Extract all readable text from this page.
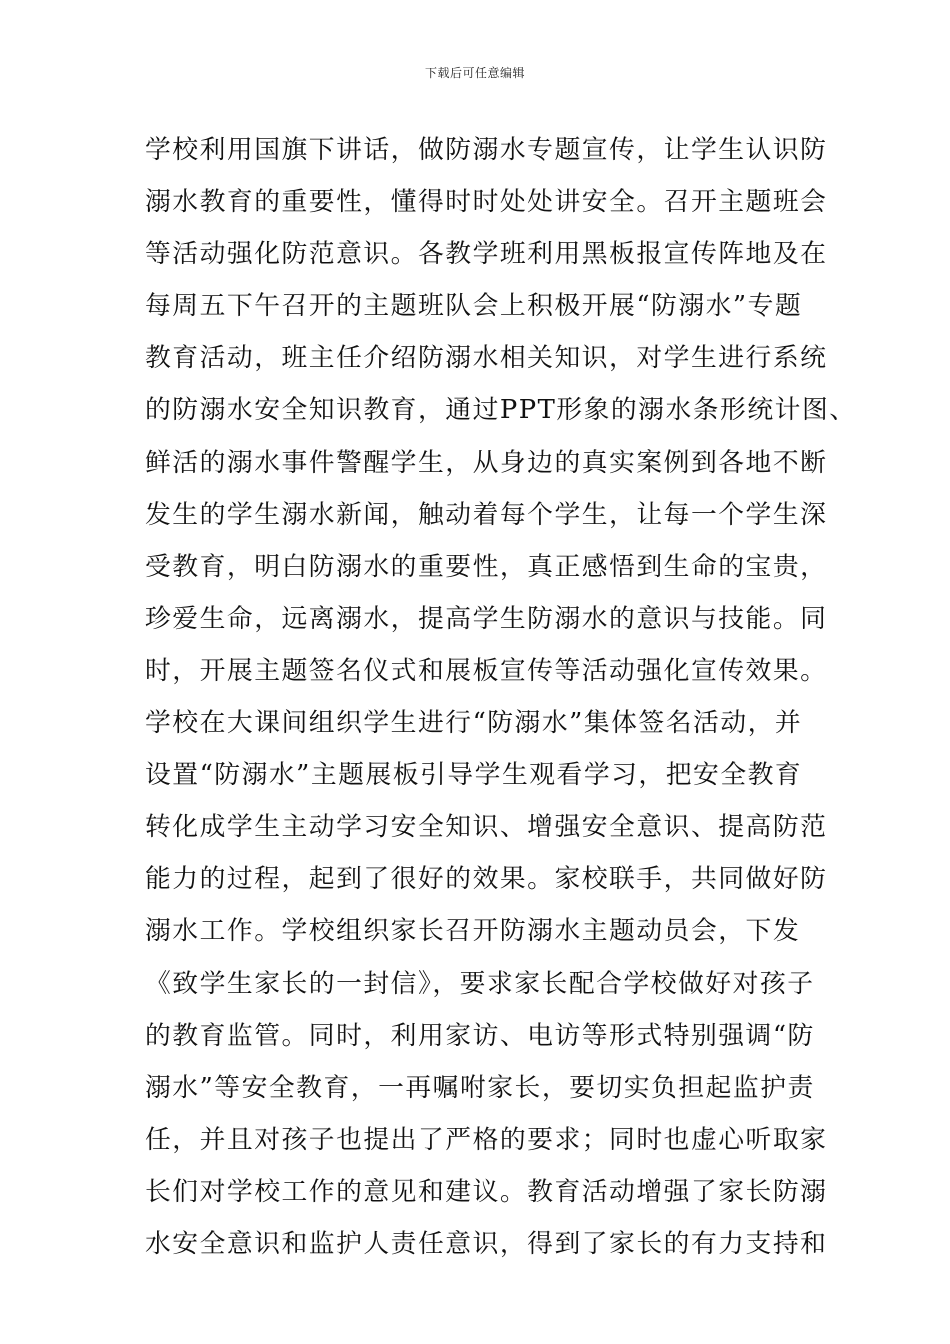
下载后可任意编辑
学校利用国旗下讲话，做防溺水专题宣传，让学生认识防
溺水教育的重要性，懂得时时处处讲安全。召开主题班会
等活动强化防范意识。各教学班利用黑板报宣传阵地及在
每周五下午召开的主题班队会上积极开展“防溺水”专题
教育活动，班主任介绍防溺水相关知识，对学生进行系统
的防溺水安全知识教育，通过PPT形象的溺水条形统计图、
鲜活的溺水事件警醒学生，从身边的真实案例到各地不断
发生的学生溺水新闻，触动着每个学生，让每一个学生深
受教育，明白防溺水的重要性，真正感悟到生命的宝贵，
珍爱生命，远离溺水，提高学生防溺水的意识与技能。同
时，开展主题签名仪式和展板宣传等活动强化宣传效果。
学校在大课间组织学生进行“防溺水”集体签名活动，并
设置“防溺水”主题展板引导学生观看学习，把安全教育
转化成学生主动学习安全知识、增强安全意识、提高防范
能力的过程，起到了很好的效果。家校联手，共同做好防
溺水工作。学校组织家长召开防溺水主题动员会，下发
《致学生家长的一封信》，要求家长配合学校做好对孩子
的教育监管。同时，利用家访、电访等形式特别强调“防
溺水”等安全教育，一再嘱咐家长，要切实负担起监护责
任，并且对孩子也提出了严格的要求；同时也虚心听取家
长们对学校工作的意见和建议。教育活动增强了家长防溺
水安全意识和监护人责任意识，得到了家长的有力支持和
